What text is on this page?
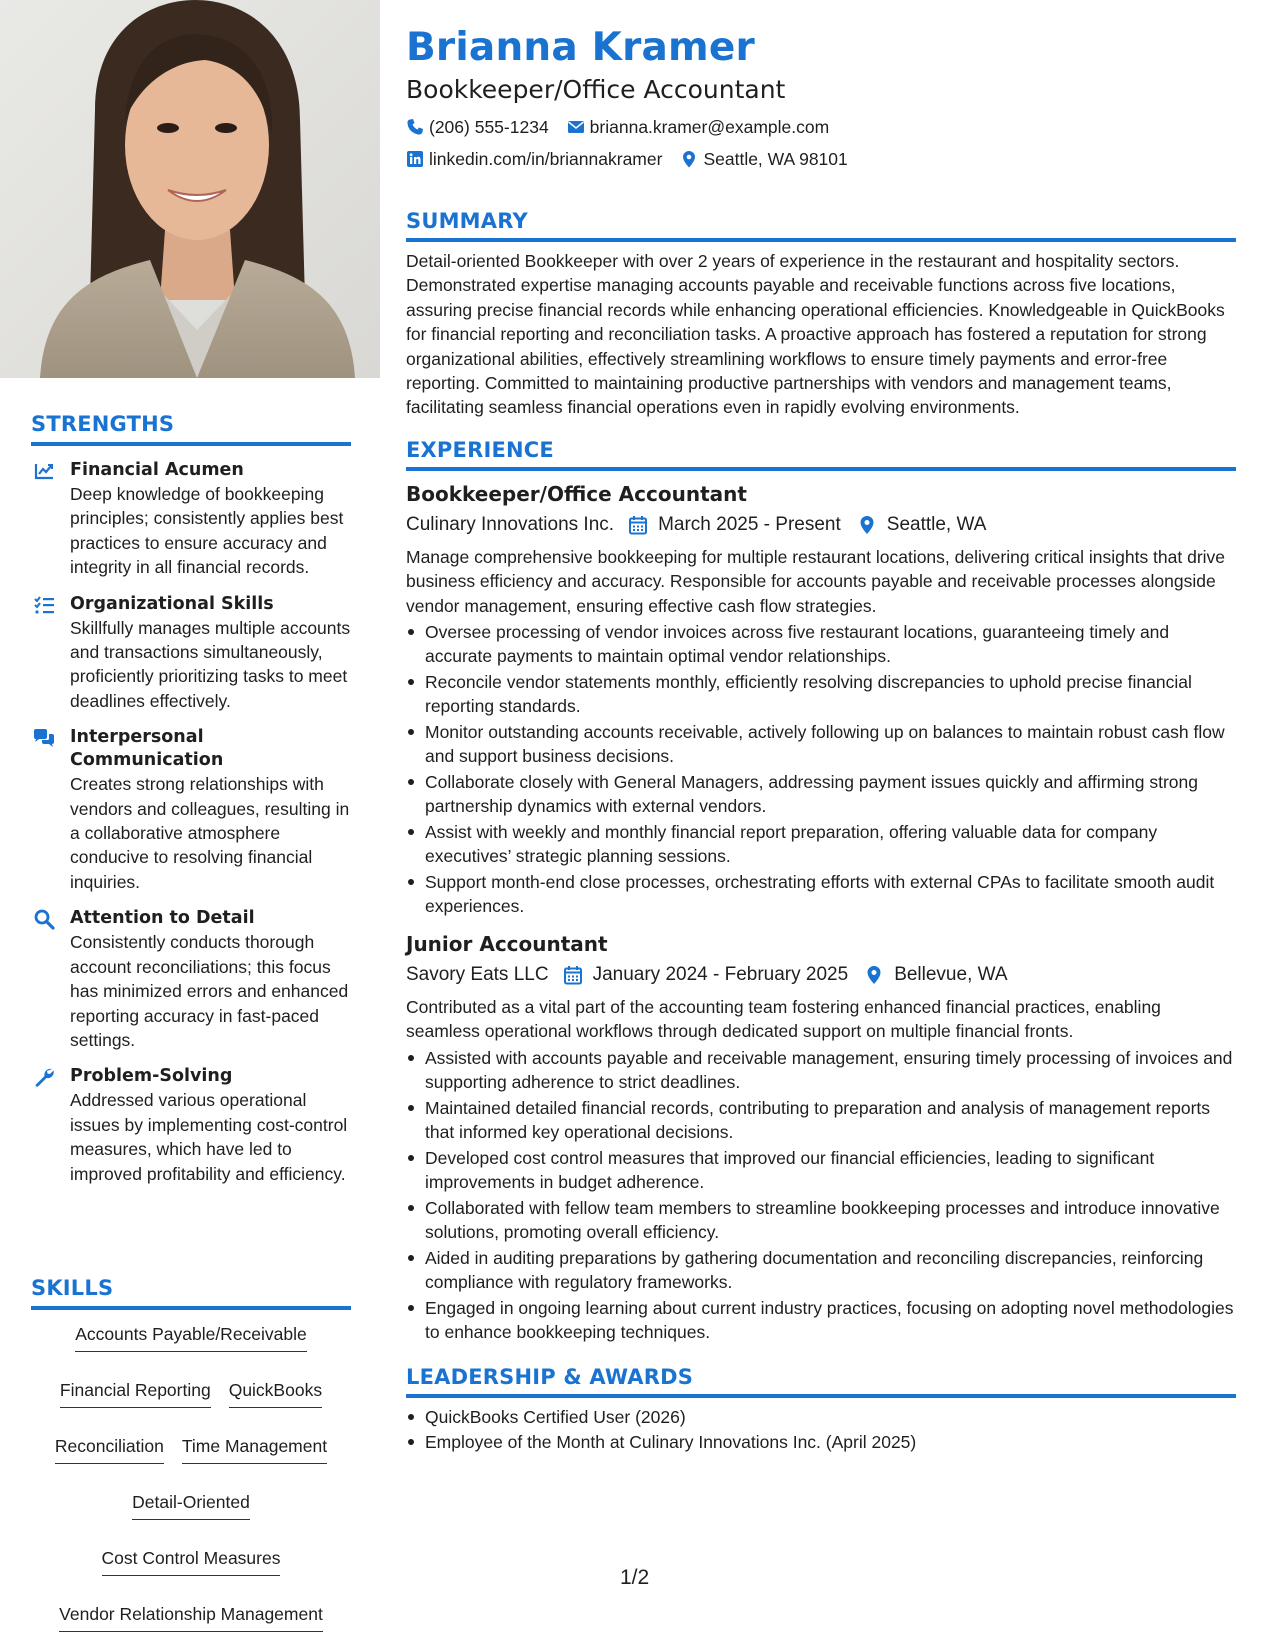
STRENGTHS
Financial Acumen
Deep knowledge of bookkeeping principles; consistently applies best practices to ensure accuracy and integrity in all financial records.
Organizational Skills
Skillfully manages multiple accounts and transactions simultaneously, proficiently prioritizing tasks to meet deadlines effectively.
Interpersonal Communication
Creates strong relationships with vendors and colleagues, resulting in a collaborative atmosphere conducive to resolving financial inquiries.
Attention to Detail
Consistently conducts thorough account reconciliations; this focus has minimized errors and enhanced reporting accuracy in fast-paced settings.
Problem-Solving
Addressed various operational issues by implementing cost-control measures, which have led to improved profitability and efficiency.
SKILLS
Accounts Payable/Receivable
Financial Reporting QuickBooks
Reconciliation Time Management
Detail-Oriented
Cost Control Measures
Vendor Relationship Management
Brianna Kramer
Bookkeeper/Office Accountant
(206) 555-1234 brianna.kramer@example.com
linkedin.com/in/briannakramer Seattle, WA 98101
SUMMARY
Detail-oriented Bookkeeper with over 2 years of experience in the restaurant and hospitality sectors. Demonstrated expertise managing accounts payable and receivable functions across five locations, assuring precise financial records while enhancing operational efficiencies. Knowledgeable in QuickBooks for financial reporting and reconciliation tasks. A proactive approach has fostered a reputation for strong organizational abilities, effectively streamlining workflows to ensure timely payments and error-free reporting. Committed to maintaining productive partnerships with vendors and management teams, facilitating seamless financial operations even in rapidly evolving environments.
EXPERIENCE
Bookkeeper/Office Accountant
Culinary Innovations Inc. March 2025 - Present Seattle, WA
Manage comprehensive bookkeeping for multiple restaurant locations, delivering critical insights that drive business efficiency and accuracy. Responsible for accounts payable and receivable processes alongside vendor management, ensuring effective cash flow strategies.
Oversee processing of vendor invoices across five restaurant locations, guaranteeing timely and accurate payments to maintain optimal vendor relationships.
Reconcile vendor statements monthly, efficiently resolving discrepancies to uphold precise financial reporting standards.
Monitor outstanding accounts receivable, actively following up on balances to maintain robust cash flow and support business decisions.
Collaborate closely with General Managers, addressing payment issues quickly and affirming strong partnership dynamics with external vendors.
Assist with weekly and monthly financial report preparation, offering valuable data for company executives’ strategic planning sessions.
Support month-end close processes, orchestrating efforts with external CPAs to facilitate smooth audit experiences.
Junior Accountant
Savory Eats LLC January 2024 - February 2025 Bellevue, WA
Contributed as a vital part of the accounting team fostering enhanced financial practices, enabling seamless operational workflows through dedicated support on multiple financial fronts.
Assisted with accounts payable and receivable management, ensuring timely processing of invoices and supporting adherence to strict deadlines.
Maintained detailed financial records, contributing to preparation and analysis of management reports that informed key operational decisions.
Developed cost control measures that improved our financial efficiencies, leading to significant improvements in budget adherence.
Collaborated with fellow team members to streamline bookkeeping processes and introduce innovative solutions, promoting overall efficiency.
Aided in auditing preparations by gathering documentation and reconciling discrepancies, reinforcing compliance with regulatory frameworks.
Engaged in ongoing learning about current industry practices, focusing on adopting novel methodologies to enhance bookkeeping techniques.
LEADERSHIP & AWARDS
QuickBooks Certified User (2026)
Employee of the Month at Culinary Innovations Inc. (April 2025)
1/2
